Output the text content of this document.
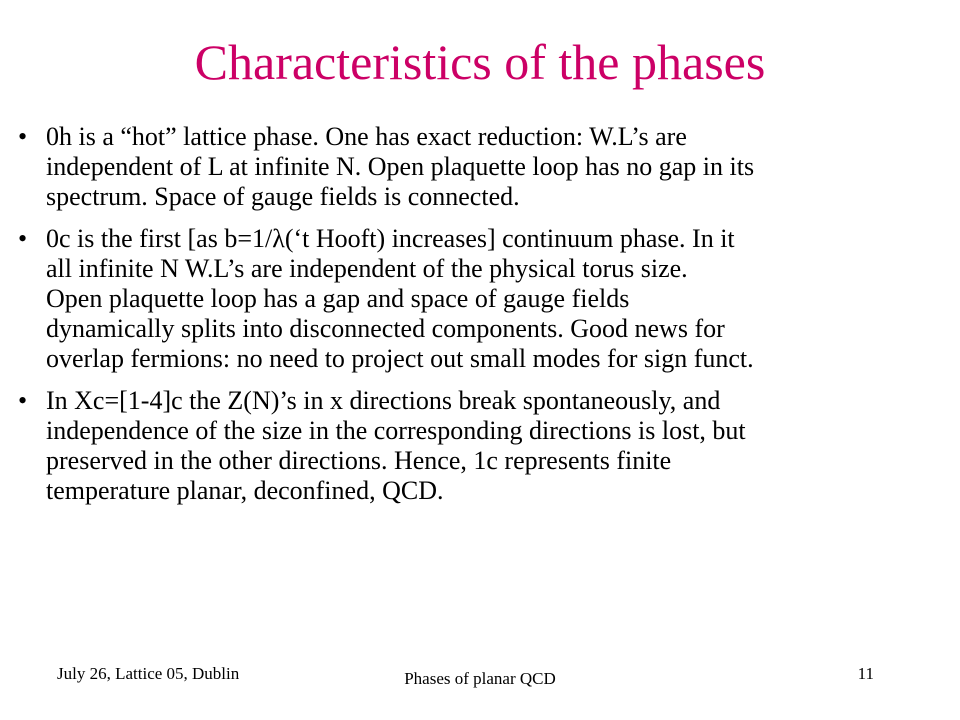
Characteristics of the phases
• 0h is a “hot” lattice phase. One has exact reduction: W.L’s are
independent of L at infinite N. Open plaquette loop has no gap in its
spectrum. Space of gauge fields is connected.
• 0c is the first [as b=1/λ(‘t Hooft) increases] continuum phase. In it
all infinite N W.L’s are independent of the physical torus size.
Open plaquette loop has a gap and space of gauge fields
dynamically splits into disconnected components. Good news for
overlap fermions: no need to project out small modes for sign funct.
• In Xc=[1-4]c the Z(N)’s in x directions break spontaneously, and
independence of the size in the corresponding directions is lost, but
preserved in the other directions. Hence, 1c represents finite
temperature planar, deconfined, QCD.
July 26, Lattice 05, Dublin	Phases of planar QCD	11
